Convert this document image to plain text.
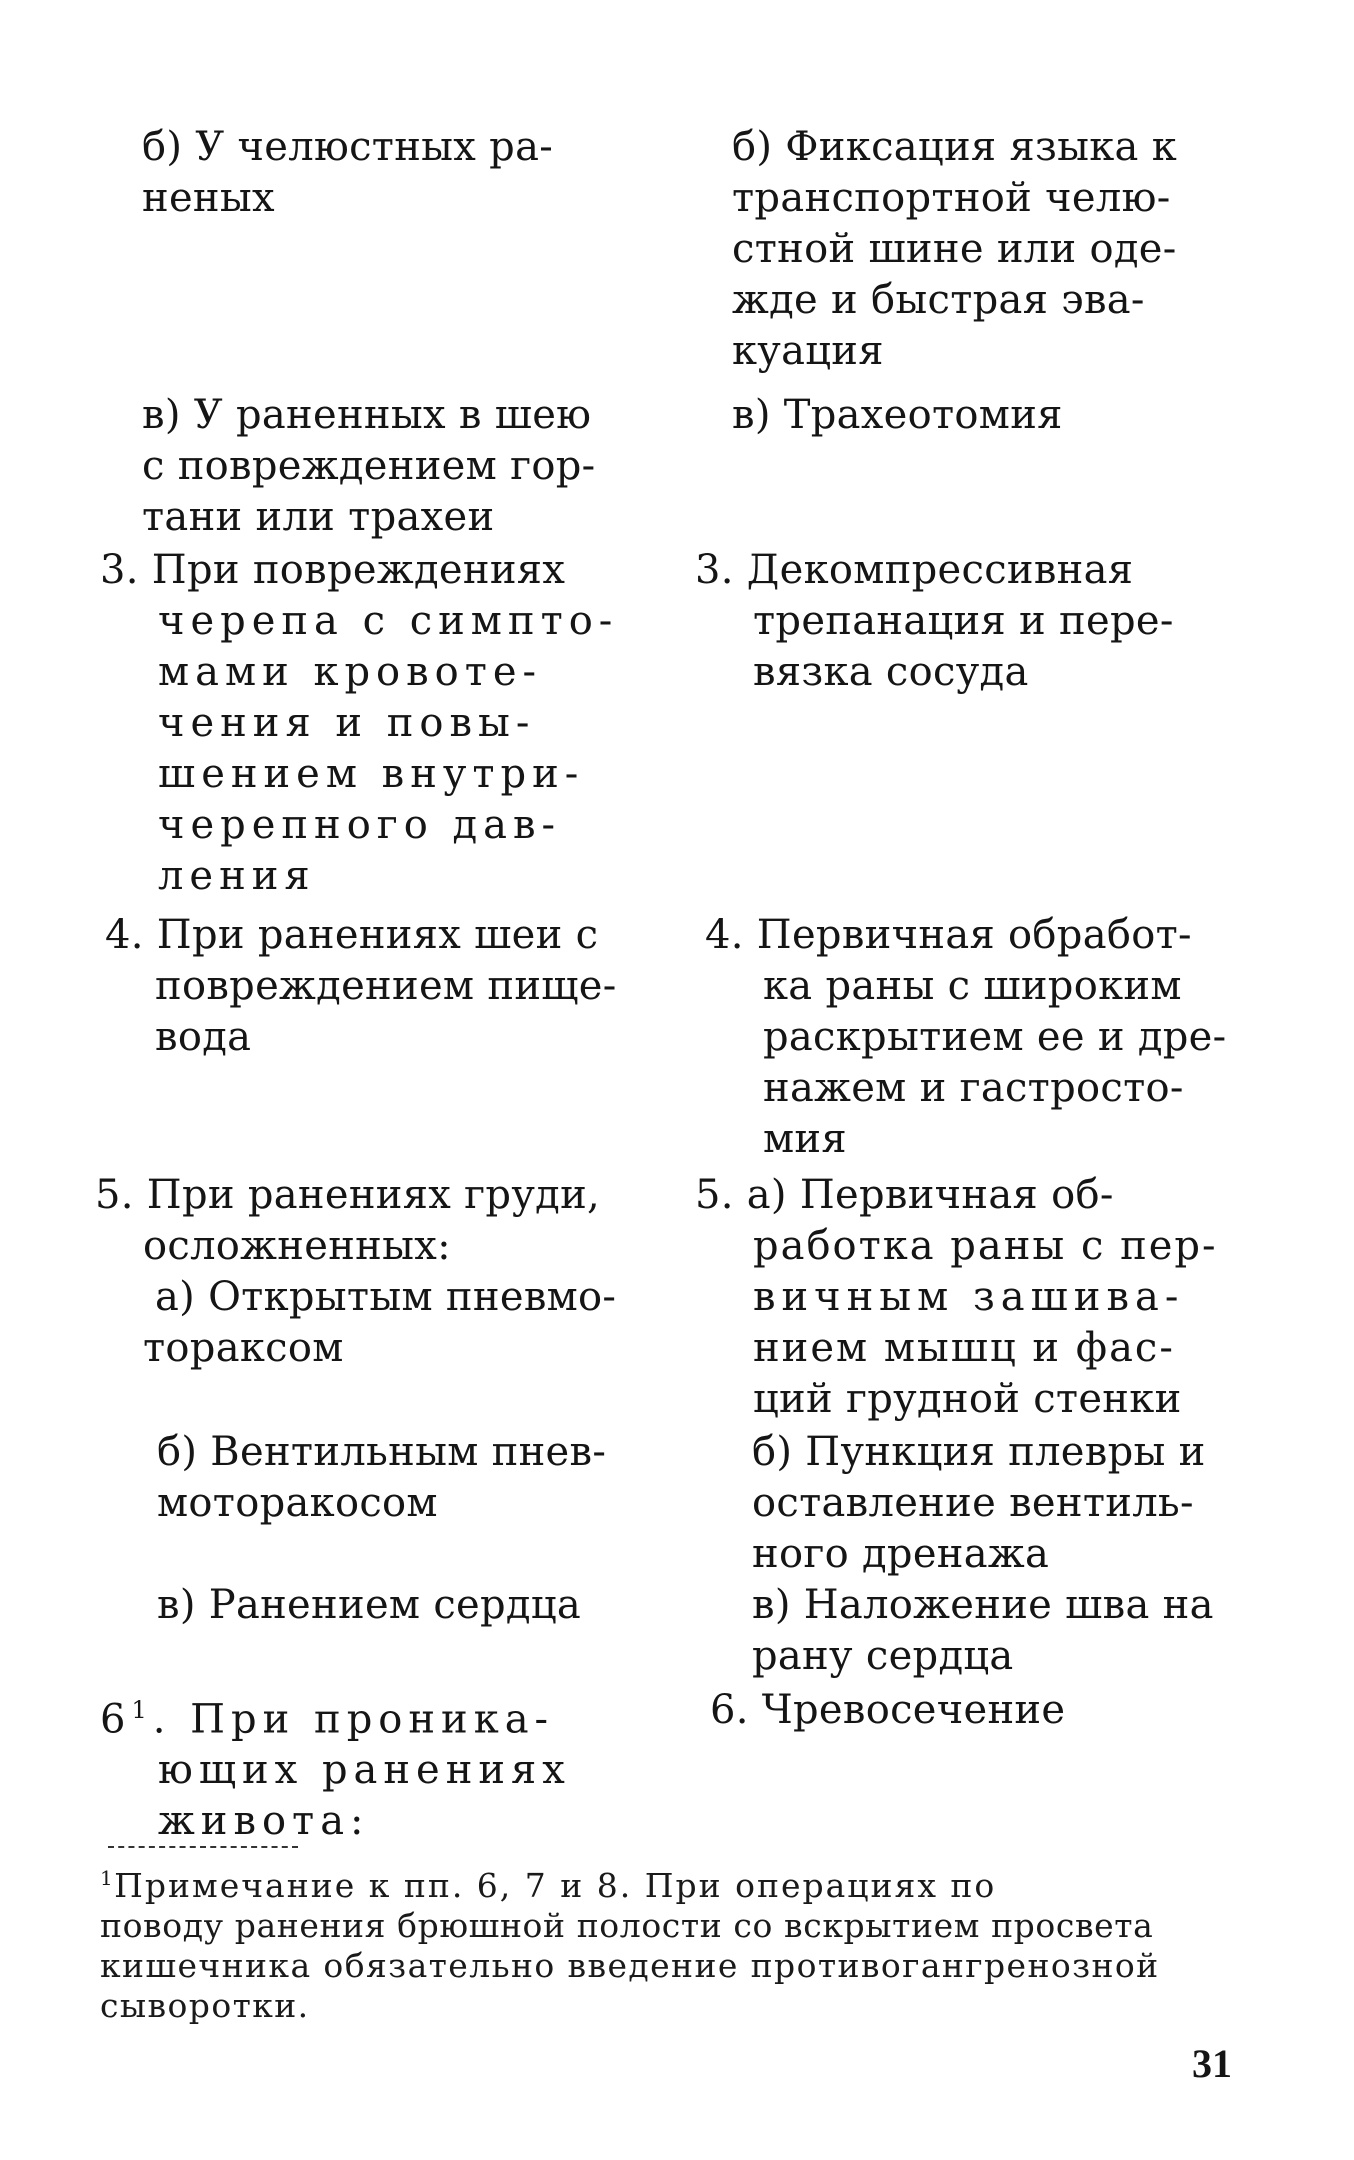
б) У челюстных ра-
неных
б) Фиксация языка к
транспортной челю-
стной шине или оде-
жде и быстрая эва-
куация
в) У раненных в шею
с повреждением гор-
тани или трахеи
в) Трахеотомия
3. При повреждениях
черепа с симпто-
мами кровоте-
чения и повы-
шением внутри-
черепного дав-
ления
3. Декомпрессивная
трепанация и пере-
вязка сосуда
4. При ранениях шеи с
повреждением пище-
вода
4. Первичная обработ-
ка раны с широким
раскрытием ее и дре-
нажем и гастросто-
мия
5. При ранениях груди,
осложненных:
а) Открытым пневмо-
тораксом
5. а) Первичная об-
работка раны с пер-
вичным зашива-
нием мышц и фас-
ций грудной стенки
б) Вентильным пнев-
моторакосом
б) Пункция плевры и
оставление вентиль-
ного дренажа
в) Ранением сердца	в) Наложение шва на
рану сердца
$6^1$. При проника-
ющих ранениях
живота:
6. Чревосечение
$^1$Примечание к пп. 6, 7 и 8. При операциях по
поводу ранения брюшной полости со вскрытием просвета
кишечника обязательно введение противогангренозной
сыворотки.
31
